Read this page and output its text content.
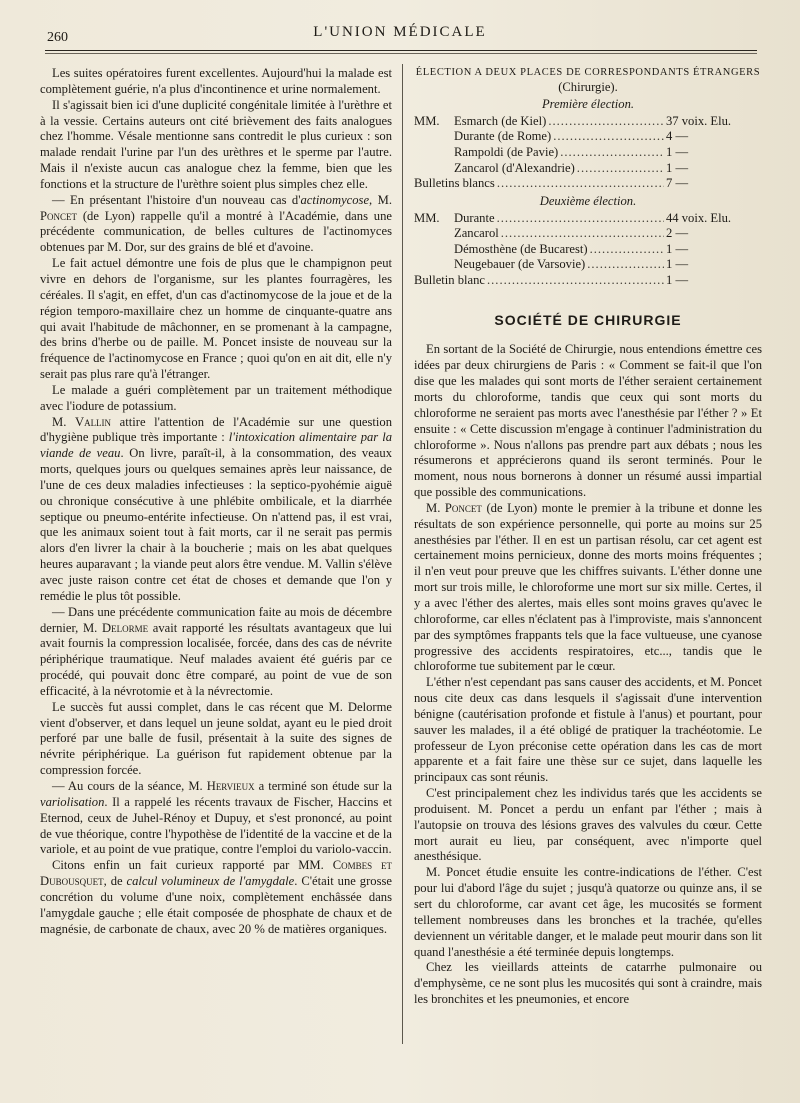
260	L'UNION MÉDICALE

Les suites opératoires furent excellentes. Aujourd'hui la malade est complètement guérie, n'a plus d'incontinence et urine normalement.

Il s'agissait bien ici d'une duplicité congénitale limitée à l'urèthre et à la vessie. Certains auteurs ont cité brièvement des faits analogues chez l'homme. Vésale mentionne sans contredit le plus curieux : son malade rendait l'urine par l'un des urèthres et le sperme par l'autre. Mais il n'existe aucun cas analogue chez la femme, bien que les fonctions et la structure de l'urèthre soient plus simples chez elle.

— En présentant l'histoire d'un nouveau cas d'actinomycose, M. Poncet (de Lyon) rappelle qu'il a montré à l'Académie, dans une précédente communication, de belles cultures de l'actinomyces obtenues par M. Dor, sur des grains de blé et d'avoine.

Le fait actuel démontre une fois de plus que le champignon peut vivre en dehors de l'organisme, sur les plantes fourragères, les céréales. Il s'agit, en effet, d'un cas d'actinomycose de la joue et de la région temporo-maxillaire chez un homme de cinquante-quatre ans qui avait l'habitude de mâchonner, en se promenant à la campagne, des brins d'herbe ou de paille. M. Poncet insiste de nouveau sur la fréquence de l'actinomycose en France ; quoi qu'on en ait dit, elle n'y serait pas plus rare qu'à l'étranger.

Le malade a guéri complètement par un traitement méthodique avec l'iodure de potassium.

M. Vallin attire l'attention de l'Académie sur une question d'hygiène publique très importante : l'intoxication alimentaire par la viande de veau. On livre, paraît-il, à la consommation, des veaux morts, quelques jours ou quelques semaines après leur naissance, de l'une de ces deux maladies infectieuses : la septico-pyohémie aiguë ou chronique consécutive à une phlébite ombilicale, et la diarrhée septique ou pneumo-entérite infectieuse. On n'attend pas, il est vrai, que les animaux soient tout à fait morts, car il ne serait pas permis alors d'en livrer la chair à la boucherie ; mais on les abat quelques heures auparavant ; la viande peut alors être vendue. M. Vallin s'élève avec juste raison contre cet état de choses et demande que l'on y remédie le plus tôt possible.

— Dans une précédente communication faite au mois de décembre dernier, M. Delorme avait rapporté les résultats avantageux que lui avait fournis la compression localisée, forcée, dans des cas de névrite périphérique traumatique. Neuf malades avaient été guéris par ce procédé, qui pouvait donc être comparé, au point de vue de son efficacité, à la névrotomie et à la névrectomie.

Le succès fut aussi complet, dans le cas récent que M. Delorme vient d'observer, et dans lequel un jeune soldat, ayant eu le pied droit perforé par une balle de fusil, présentait à la suite des signes de névrite périphérique. La guérison fut rapidement obtenue par la compression forcée.

— Au cours de la séance, M. Hervieux a terminé son étude sur la variolisation. Il a rappelé les récents travaux de Fischer, Haccins et Eternod, ceux de Juhel-Rénoy et Dupuy, et s'est prononcé, au point de vue théorique, contre l'hypothèse de l'identité de la vaccine et de la variole, et au point de vue pratique, contre l'emploi du variolo-vaccin.

Citons enfin un fait curieux rapporté par MM. Combes et Dubousquet, de calcul volumineux de l'amygdale. C'était une grosse concrétion du volume d'une noix, complètement enchâssée dans l'amygdale gauche ; elle était composée de phosphate de chaux et de magnésie, de carbonate de chaux, avec 20 % de matières organiques.

ÉLECTION A DEUX PLACES DE CORRESPONDANTS ÉTRANGERS
(Chirurgie).
Première élection.
MM.	Esmarch (de Kiel) .....	37 voix. Elu.
Durante (de Rome) .....	4 —
Rampoldi (de Pavie) .....	1 —
Zancarol (d'Alexandrie) .....	1 —
Bulletins blancs .....	7 —
Deuxième élection.
MM.	Durante .....	44 voix. Elu.
Zancarol .....	2 —
Démosthène (de Bucarest) .....	1 —
Neugebauer (de Varsovie) .....	1 —
Bulletin blanc .....	1 —
SOCIÉTÉ DE CHIRURGIE

En sortant de la Société de Chirurgie, nous entendions émettre ces idées par deux chirurgiens de Paris : « Comment se fait-il que l'on dise que les malades qui sont morts de l'éther seraient certainement morts du chloroforme, tandis que ceux qui sont morts du chloroforme ne seraient pas morts avec l'anesthésie par l'éther ? » Et ensuite : « Cette discussion m'engage à continuer l'administration du chloroforme ». Nous n'allons pas prendre part aux débats ; nous les résumerons et apprécierons quand ils seront terminés. Pour le moment, nous nous bornerons à donner un résumé aussi impartial que possible des communications.

M. Poncet (de Lyon) monte le premier à la tribune et donne les résultats de son expérience personnelle, qui porte au moins sur 25 anesthésies par l'éther. Il en est un partisan résolu, car cet agent est certainement moins pernicieux, donne des morts moins fréquentes ; il n'en veut pour preuve que les chiffres suivants. L'éther donne une mort sur trois mille, le chloroforme une mort sur six mille. Certes, il y a avec l'éther des alertes, mais elles sont moins graves qu'avec le chloroforme, car elles n'éclatent pas à l'improviste, mais s'annoncent par des symptômes frappants tels que la face vultueuse, une cyanose progressive des accidents respiratoires, etc..., tandis que le chloroforme tue subitement par le cœur.

L'éther n'est cependant pas sans causer des accidents, et M. Poncet nous cite deux cas dans lesquels il s'agissait d'une intervention bénigne (cautérisation profonde et fistule à l'anus) et pourtant, pour sauver les malades, il a été obligé de pratiquer la trachéotomie. Le professeur de Lyon préconise cette opération dans les cas de mort apparente et a fait faire une thèse sur ce sujet, dans laquelle les principaux cas sont réunis.

C'est principalement chez les individus tarés que les accidents se produisent. M. Poncet a perdu un enfant par l'éther ; mais à l'autopsie on trouva des lésions graves des valvules du cœur. Cette mort aurait eu lieu, par conséquent, avec n'importe quel anesthésique.

M. Poncet étudie ensuite les contre-indications de l'éther. C'est pour lui d'abord l'âge du sujet ; jusqu'à quatorze ou quinze ans, il se sert du chloroforme, car avant cet âge, les mucosités se forment tellement nombreuses dans les bronches et la trachée, qu'elles deviennent un véritable danger, et le malade peut mourir dans son lit quand l'anesthésie a été terminée depuis longtemps.

Chez les vieillards atteints de catarrhe pulmonaire ou d'emphysème, ce ne sont plus les mucosités qui sont à craindre, mais les bronchites et les pneumonies, et encore
